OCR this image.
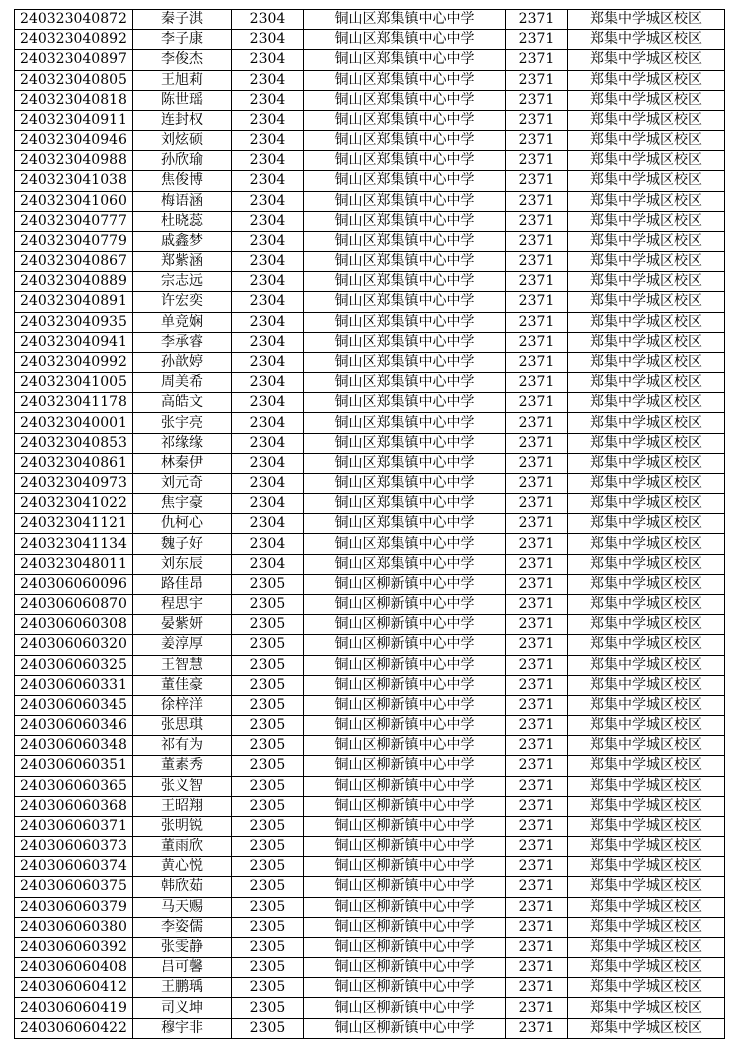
240323040872	秦子淇	2304	铜山区郑集镇中心中学	2371	郑集中学城区校区
240323040892	李子康	2304	铜山区郑集镇中心中学	2371	郑集中学城区校区
240323040897	李俊杰	2304	铜山区郑集镇中心中学	2371	郑集中学城区校区
240323040805	王旭莉	2304	铜山区郑集镇中心中学	2371	郑集中学城区校区
240323040818	陈世瑶	2304	铜山区郑集镇中心中学	2371	郑集中学城区校区
240323040911	连封权	2304	铜山区郑集镇中心中学	2371	郑集中学城区校区
240323040946	刘炫硕	2304	铜山区郑集镇中心中学	2371	郑集中学城区校区
240323040988	孙欣瑜	2304	铜山区郑集镇中心中学	2371	郑集中学城区校区
240323041038	焦俊博	2304	铜山区郑集镇中心中学	2371	郑集中学城区校区
240323041060	梅语涵	2304	铜山区郑集镇中心中学	2371	郑集中学城区校区
240323040777	杜晓蕊	2304	铜山区郑集镇中心中学	2371	郑集中学城区校区
240323040779	戚鑫梦	2304	铜山区郑集镇中心中学	2371	郑集中学城区校区
240323040867	郑紫涵	2304	铜山区郑集镇中心中学	2371	郑集中学城区校区
240323040889	宗志远	2304	铜山区郑集镇中心中学	2371	郑集中学城区校区
240323040891	许宏奕	2304	铜山区郑集镇中心中学	2371	郑集中学城区校区
240323040935	单竞娴	2304	铜山区郑集镇中心中学	2371	郑集中学城区校区
240323040941	李承睿	2304	铜山区郑集镇中心中学	2371	郑集中学城区校区
240323040992	孙歆婷	2304	铜山区郑集镇中心中学	2371	郑集中学城区校区
240323041005	周美希	2304	铜山区郑集镇中心中学	2371	郑集中学城区校区
240323041178	高皓文	2304	铜山区郑集镇中心中学	2371	郑集中学城区校区
240323040001	张宇亮	2304	铜山区郑集镇中心中学	2371	郑集中学城区校区
240323040853	祁缘缘	2304	铜山区郑集镇中心中学	2371	郑集中学城区校区
240323040861	林秦伊	2304	铜山区郑集镇中心中学	2371	郑集中学城区校区
240323040973	刘元奇	2304	铜山区郑集镇中心中学	2371	郑集中学城区校区
240323041022	焦宇豪	2304	铜山区郑集镇中心中学	2371	郑集中学城区校区
240323041121	仇柯心	2304	铜山区郑集镇中心中学	2371	郑集中学城区校区
240323041134	魏子好	2304	铜山区郑集镇中心中学	2371	郑集中学城区校区
240323048011	刘东辰	2304	铜山区郑集镇中心中学	2371	郑集中学城区校区
240306060096	路佳昂	2305	铜山区柳新镇中心中学	2371	郑集中学城区校区
240306060870	程思宇	2305	铜山区柳新镇中心中学	2371	郑集中学城区校区
240306060308	晏紫妍	2305	铜山区柳新镇中心中学	2371	郑集中学城区校区
240306060320	姜淳厚	2305	铜山区柳新镇中心中学	2371	郑集中学城区校区
240306060325	王智慧	2305	铜山区柳新镇中心中学	2371	郑集中学城区校区
240306060331	董佳豪	2305	铜山区柳新镇中心中学	2371	郑集中学城区校区
240306060345	徐梓洋	2305	铜山区柳新镇中心中学	2371	郑集中学城区校区
240306060346	张思琪	2305	铜山区柳新镇中心中学	2371	郑集中学城区校区
240306060348	祁有为	2305	铜山区柳新镇中心中学	2371	郑集中学城区校区
240306060351	董素秀	2305	铜山区柳新镇中心中学	2371	郑集中学城区校区
240306060365	张义智	2305	铜山区柳新镇中心中学	2371	郑集中学城区校区
240306060368	王昭翔	2305	铜山区柳新镇中心中学	2371	郑集中学城区校区
240306060371	张明锐	2305	铜山区柳新镇中心中学	2371	郑集中学城区校区
240306060373	董雨欣	2305	铜山区柳新镇中心中学	2371	郑集中学城区校区
240306060374	黄心悦	2305	铜山区柳新镇中心中学	2371	郑集中学城区校区
240306060375	韩欣茹	2305	铜山区柳新镇中心中学	2371	郑集中学城区校区
240306060379	马天赐	2305	铜山区柳新镇中心中学	2371	郑集中学城区校区
240306060380	李姿儒	2305	铜山区柳新镇中心中学	2371	郑集中学城区校区
240306060392	张雯静	2305	铜山区柳新镇中心中学	2371	郑集中学城区校区
240306060408	吕可馨	2305	铜山区柳新镇中心中学	2371	郑集中学城区校区
240306060412	王鹏瑀	2305	铜山区柳新镇中心中学	2371	郑集中学城区校区
240306060419	司义坤	2305	铜山区柳新镇中心中学	2371	郑集中学城区校区
240306060422	穆宇非	2305	铜山区柳新镇中心中学	2371	郑集中学城区校区
